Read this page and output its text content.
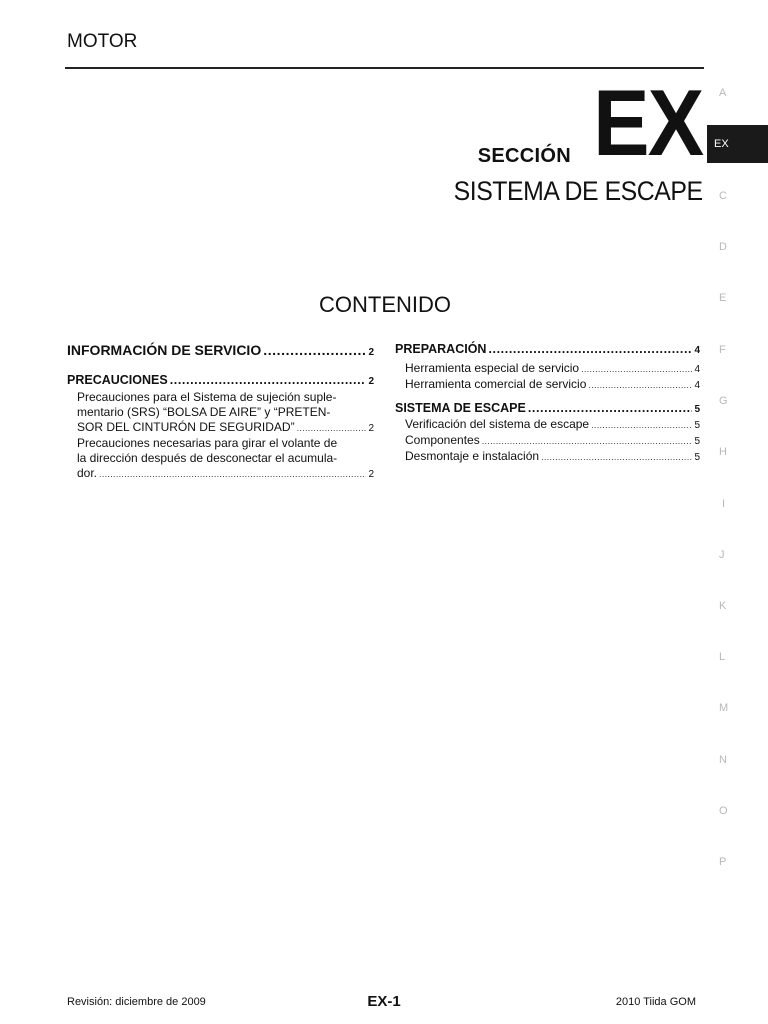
MOTOR
SECCIÓN EX
SISTEMA DE ESCAPE
CONTENIDO
A
EX
C
D
E
F
G
H
I
J
K
L
M
N
O
P
INFORMACIÓN DE SERVICIO .....	2
PRECAUCIONES .....	2
Precauciones para el Sistema de sujeción suple-
mentario (SRS) “BOLSA DE AIRE” y “PRETEN-
SOR DEL CINTURÓN DE SEGURIDAD” .....	2
Precauciones necesarias para girar el volante de
la dirección después de desconectar el acumula-
dor. .....	2
PREPARACIÓN .....	4
Herramienta especial de servicio .....	4
Herramienta comercial de servicio .....	4
SISTEMA DE ESCAPE .....	5
Verificación del sistema de escape .....	5
Componentes .....	5
Desmontaje e instalación .....	5
Revisión: diciembre de 2009	EX-1	2010 Tiida GOM
